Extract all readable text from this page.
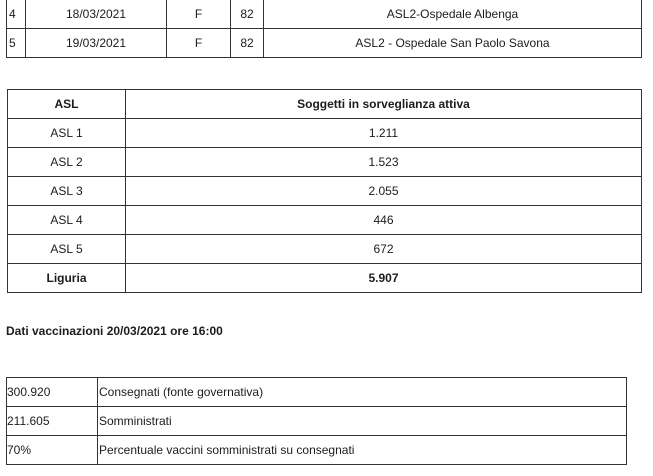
4	18/03/2021	F	82	ASL2-Ospedale Albenga
5	19/03/2021	F	82	ASL2 - Ospedale San Paolo Savona
ASL	Soggetti in sorveglianza attiva
ASL 1	1.211
ASL 2	1.523
ASL 3	2.055
ASL 4	446
ASL 5	672
Liguria	5.907

Dati vaccinazioni 20/03/2021 ore 16:00

300.920	Consegnati (fonte governativa)
211.605	Somministrati
70%	Percentuale vaccini somministrati su consegnati
